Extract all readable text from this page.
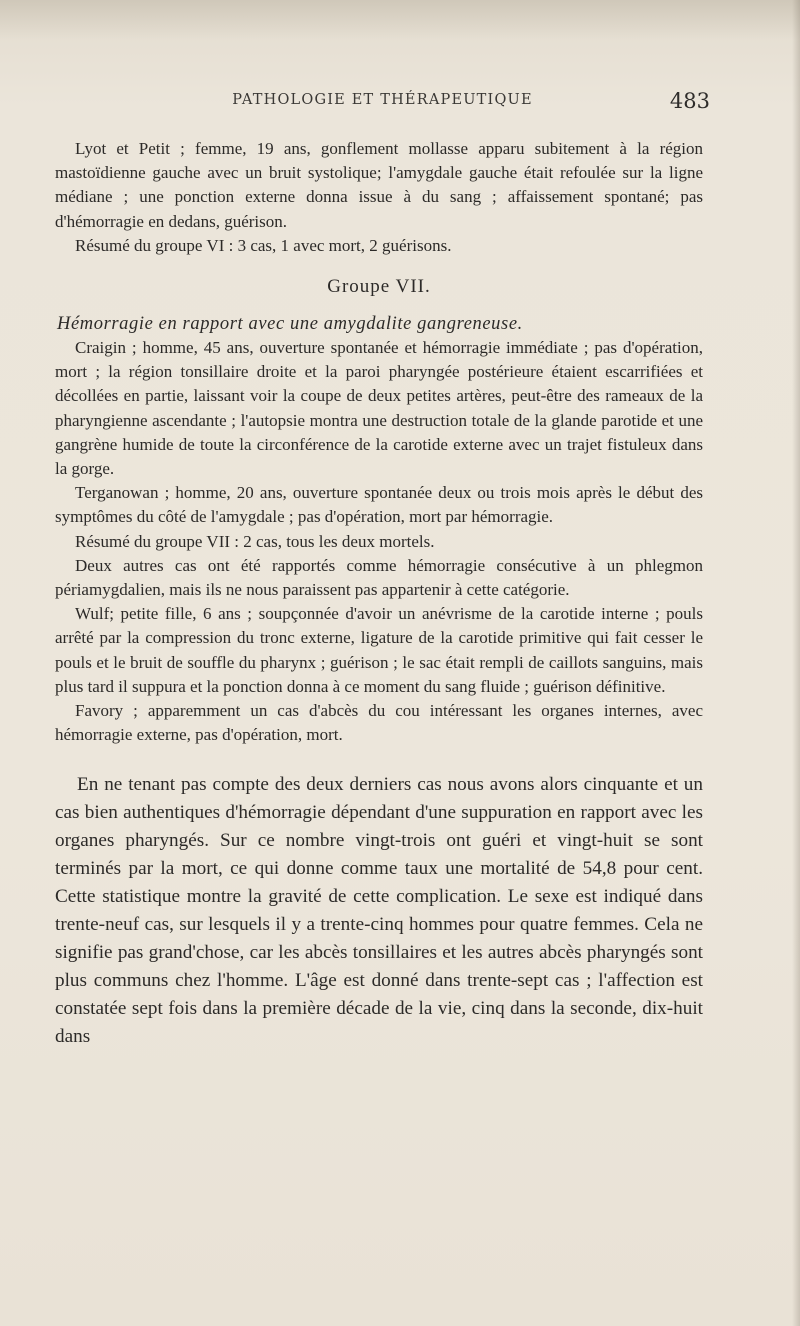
PATHOLOGIE ET THÉRAPEUTIQUE	483

Lyot et Petit ; femme, 19 ans, gonflement mollasse apparu subitement à la région mastoïdienne gauche avec un bruit systolique; l'amygdale gauche était refoulée sur la ligne médiane ; une ponction externe donna issue à du sang ; affaissement spontané; pas d'hémorragie en dedans, guérison.

Résumé du groupe VI : 3 cas, 1 avec mort, 2 guérisons.

Groupe VII.
Hémorragie en rapport avec une amygdalite gangreneuse.

Craigin ; homme, 45 ans, ouverture spontanée et hémorragie immédiate ; pas d'opération, mort ; la région tonsillaire droite et la paroi pharyngée postérieure étaient escarrifiées et décollées en partie, laissant voir la coupe de deux petites artères, peut-être des rameaux de la pharyngienne ascendante ; l'autopsie montra une destruction totale de la glande parotide et une gangrène humide de toute la circonférence de la carotide externe avec un trajet fistuleux dans la gorge.

Terganowan ; homme, 20 ans, ouverture spontanée deux ou trois mois après le début des symptômes du côté de l'amygdale ; pas d'opération, mort par hémorragie.

Résumé du groupe VII : 2 cas, tous les deux mortels.

Deux autres cas ont été rapportés comme hémorragie consécutive à un phlegmon périamygdalien, mais ils ne nous paraissent pas appartenir à cette catégorie.

Wulf; petite fille, 6 ans ; soupçonnée d'avoir un anévrisme de la carotide interne ; pouls arrêté par la compression du tronc externe, ligature de la carotide primitive qui fait cesser le pouls et le bruit de souffle du pharynx ; guérison ; le sac était rempli de caillots sanguins, mais plus tard il suppura et la ponction donna à ce moment du sang fluide ; guérison définitive.

Favory ; apparemment un cas d'abcès du cou intéressant les organes internes, avec hémorragie externe, pas d'opération, mort.

En ne tenant pas compte des deux derniers cas nous avons alors cinquante et un cas bien authentiques d'hémorragie dépendant d'une suppuration en rapport avec les organes pharyngés. Sur ce nombre vingt-trois ont guéri et vingt-huit se sont terminés par la mort, ce qui donne comme taux une mortalité de 54,8 pour cent. Cette statistique montre la gravité de cette complication. Le sexe est indiqué dans trente-neuf cas, sur lesquels il y a trente-cinq hommes pour quatre femmes. Cela ne signifie pas grand'chose, car les abcès tonsillaires et les autres abcès pharyngés sont plus communs chez l'homme. L'âge est donné dans trente-sept cas ; l'affection est constatée sept fois dans la première décade de la vie, cinq dans la seconde, dix-huit dans
